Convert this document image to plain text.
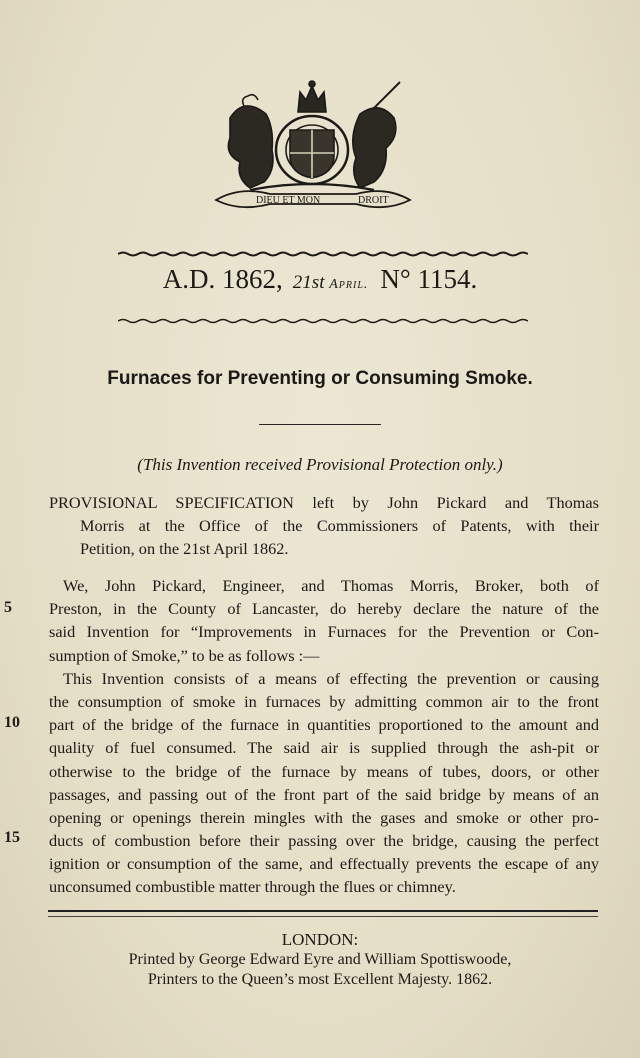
DIEU ET MON	DROIT
A.D. 1862, 21st April. N° 1154.
Furnaces for Preventing or Consuming Smoke.
(This Invention received Provisional Protection only.)
PROVISIONAL SPECIFICATION left by John Pickard and Thomas
Morris at the Office of the Commissioners of Patents, with their
Petition, on the 21st April 1862.
5
10
15
We, John Pickard, Engineer, and Thomas Morris, Broker, both of
Preston, in the County of Lancaster, do hereby declare the nature of the
said Invention for “Improvements in Furnaces for the Prevention or Con-
sumption of Smoke,” to be as follows :—
This Invention consists of a means of effecting the prevention or causing
the consumption of smoke in furnaces by admitting common air to the front
part of the bridge of the furnace in quantities proportioned to the amount and
quality of fuel consumed. The said air is supplied through the ash-pit or
otherwise to the bridge of the furnace by means of tubes, doors, or other
passages, and passing out of the front part of the said bridge by means of an
opening or openings therein mingles with the gases and smoke or other pro-
ducts of combustion before their passing over the bridge, causing the perfect
ignition or consumption of the same, and effectually prevents the escape of any
unconsumed combustible matter through the flues or chimney.
LONDON:
Printed by George Edward Eyre and William Spottiswoode,
Printers to the Queen’s most Excellent Majesty. 1862.
